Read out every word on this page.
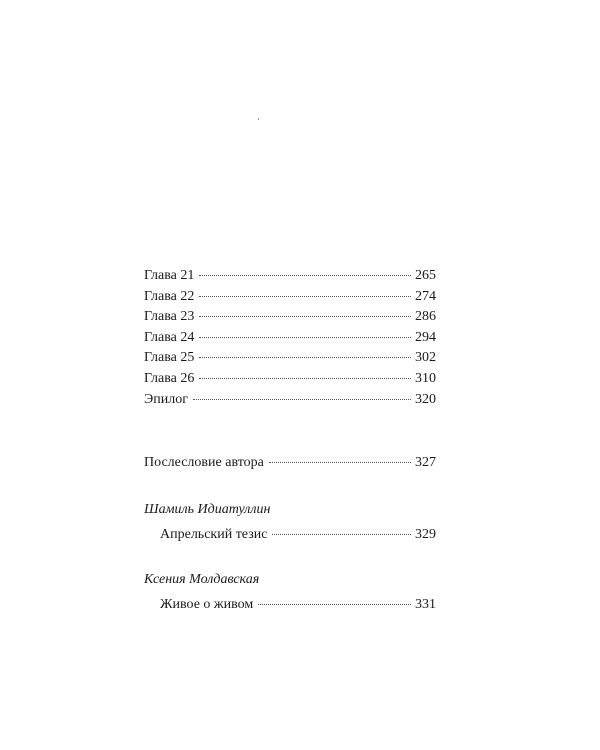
Глава 21	265
Глава 22	274
Глава 23	286
Глава 24	294
Глава 25	302
Глава 26	310
Эпилог	320
Послесловие автора	327
Шамиль Идиатуллин
Апрельский тезис	329
Ксения Молдавская
Живое о живом	331
